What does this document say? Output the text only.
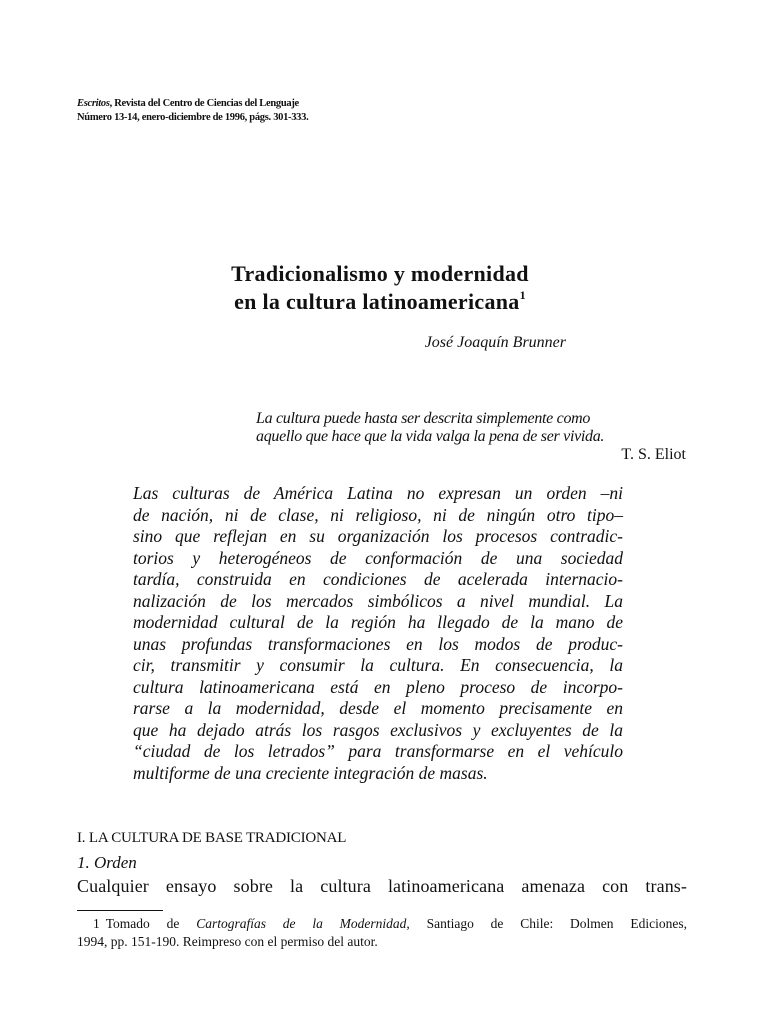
Escritos, Revista del Centro de Ciencias del Lenguaje
Número 13-14, enero-diciembre de 1996, págs. 301-333.
Tradicionalismo y modernidad
en la cultura latinoamericana$^1$
José Joaquín Brunner
La cultura puede hasta ser descrita simplemente como
aquello que hace que la vida valga la pena de ser vivida.
T. S. Eliot
Las culturas de América Latina no expresan un orden –ni
de nación, ni de clase, ni religioso, ni de ningún otro tipo–
sino que reflejan en su organización los procesos contradic-
torios y heterogéneos de conformación de una sociedad
tardía, construida en condiciones de acelerada internacio-
nalización de los mercados simbólicos a nivel mundial. La
modernidad cultural de la región ha llegado de la mano de
unas profundas transformaciones en los modos de produc-
cir, transmitir y consumir la cultura. En consecuencia, la
cultura latinoamericana está en pleno proceso de incorpo-
rarse a la modernidad, desde el momento precisamente en
que ha dejado atrás los rasgos exclusivos y excluyentes de la
“ciudad de los letrados” para transformarse en el vehículo
multiforme de una creciente integración de masas.
I. LA CULTURA DE BASE TRADICIONAL
1. Orden
Cualquier ensayo sobre la cultura latinoamericana amenaza con trans-
1 Tomado de Cartografías de la Modernidad, Santiago de Chile: Dolmen Ediciones,
1994, pp. 151-190. Reimpreso con el permiso del autor.
